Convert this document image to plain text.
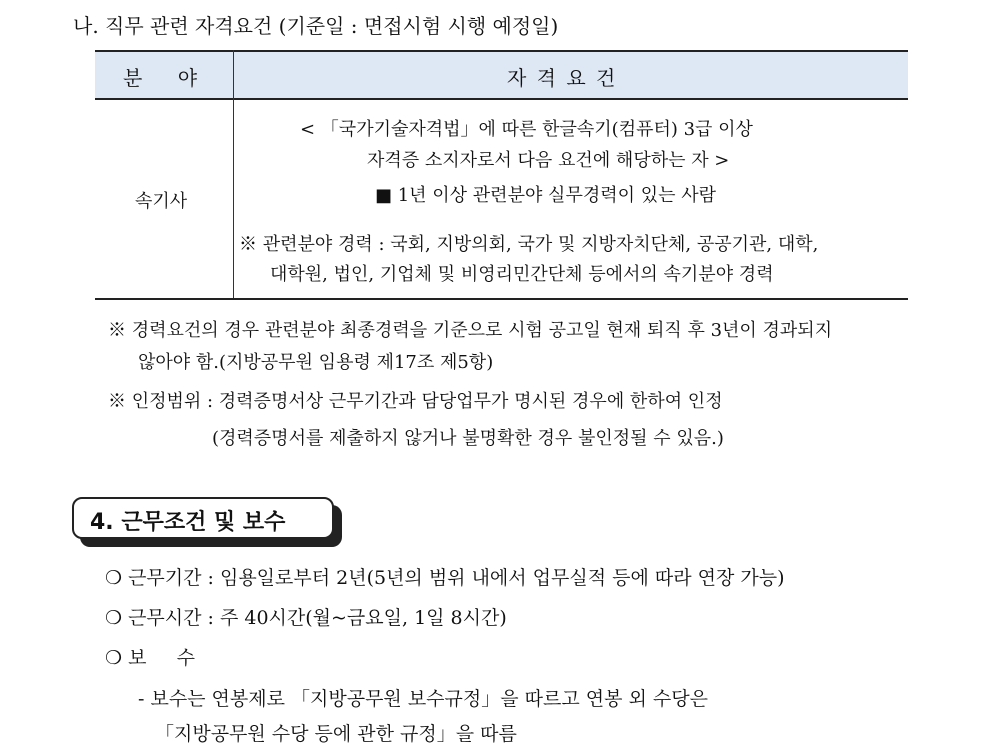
나. 직무 관련 자격요건 (기준일 : 면접시험 시행 예정일)
분    야	자 격 요 건
속기사
< 「국가기술자격법」에 따른 한글속기(컴퓨터) 3급 이상
자격증 소지자로서 다음 요건에 해당하는 자 >
■ 1년 이상 관련분야 실무경력이 있는 사람
※ 관련분야 경력 : 국회, 지방의회, 국가 및 지방자치단체, 공공기관, 대학,
대학원, 법인, 기업체 및 비영리민간단체 등에서의 속기분야 경력
※ 경력요건의 경우 관련분야 최종경력을 기준으로 시험 공고일 현재 퇴직 후 3년이 경과되지
않아야 함.(지방공무원 임용령 제17조 제5항)
※ 인정범위 : 경력증명서상 근무기간과 담당업무가 명시된 경우에 한하여 인정
(경력증명서를 제출하지 않거나 불명확한 경우 불인정될 수 있음.)
4. 근무조건 및 보수
❍ 근무기간 : 임용일로부터 2년(5년의 범위 내에서 업무실적 등에 따라 연장 가능)
❍ 근무시간 : 주 40시간(월~금요일, 1일 8시간)
❍ 보     수
- 보수는 연봉제로 「지방공무원 보수규정」을 따르고 연봉 외 수당은
「지방공무원 수당 등에 관한 규정」을 따름
